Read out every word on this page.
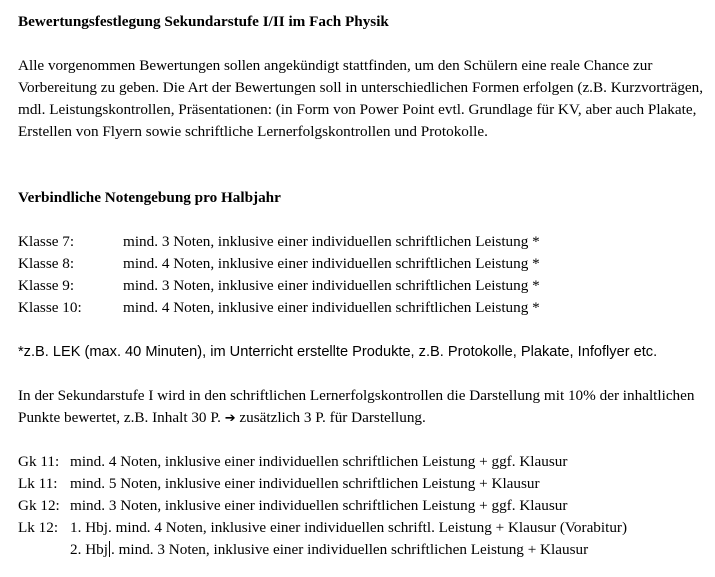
Bewertungsfestlegung Sekundarstufe I/II im Fach Physik

Alle vorgenommen Bewertungen sollen angekündigt stattfinden, um den Schülern eine reale Chance zur Vorbereitung zu geben. Die Art der Bewertungen soll in unterschiedlichen Formen erfolgen (z.B. Kurzvorträgen, mdl. Leistungskontrollen, Präsentationen: (in Form von Power Point evtl. Grundlage für KV, aber auch Plakate, Erstellen von Flyern sowie schriftliche Lernerfolgskontrollen und Protokolle.

Verbindliche Notengebung pro Halbjahr

Klasse 7:	mind. 3 Noten, inklusive einer individuellen schriftlichen Leistung *
Klasse 8:	mind. 4 Noten, inklusive einer individuellen schriftlichen Leistung *
Klasse 9:	mind. 3 Noten, inklusive einer individuellen schriftlichen Leistung *
Klasse 10:	mind. 4 Noten, inklusive einer individuellen schriftlichen Leistung *
*z.B. LEK (max. 40 Minuten), im Unterricht erstellte Produkte, z.B. Protokolle, Plakate, Infoflyer etc.

In der Sekundarstufe I wird in den schriftlichen Lernerfolgskontrollen die Darstellung mit 10% der inhaltlichen Punkte bewertet, z.B. Inhalt 30 P. ➔ zusätzlich 3 P. für Darstellung.

Gk 11: mind. 4 Noten, inklusive einer individuellen schriftlichen Leistung + ggf. Klausur
Lk 11: mind. 5 Noten, inklusive einer individuellen schriftlichen Leistung + Klausur
Gk 12: mind. 3 Noten, inklusive einer individuellen schriftlichen Leistung + ggf. Klausur
Lk 12: 1. Hbj. mind. 4 Noten, inklusive einer individuellen schriftl. Leistung + Klausur (Vorabitur)
2. Hbj . mind. 3 Noten, inklusive einer individuellen schriftlichen Leistung + Klausur
